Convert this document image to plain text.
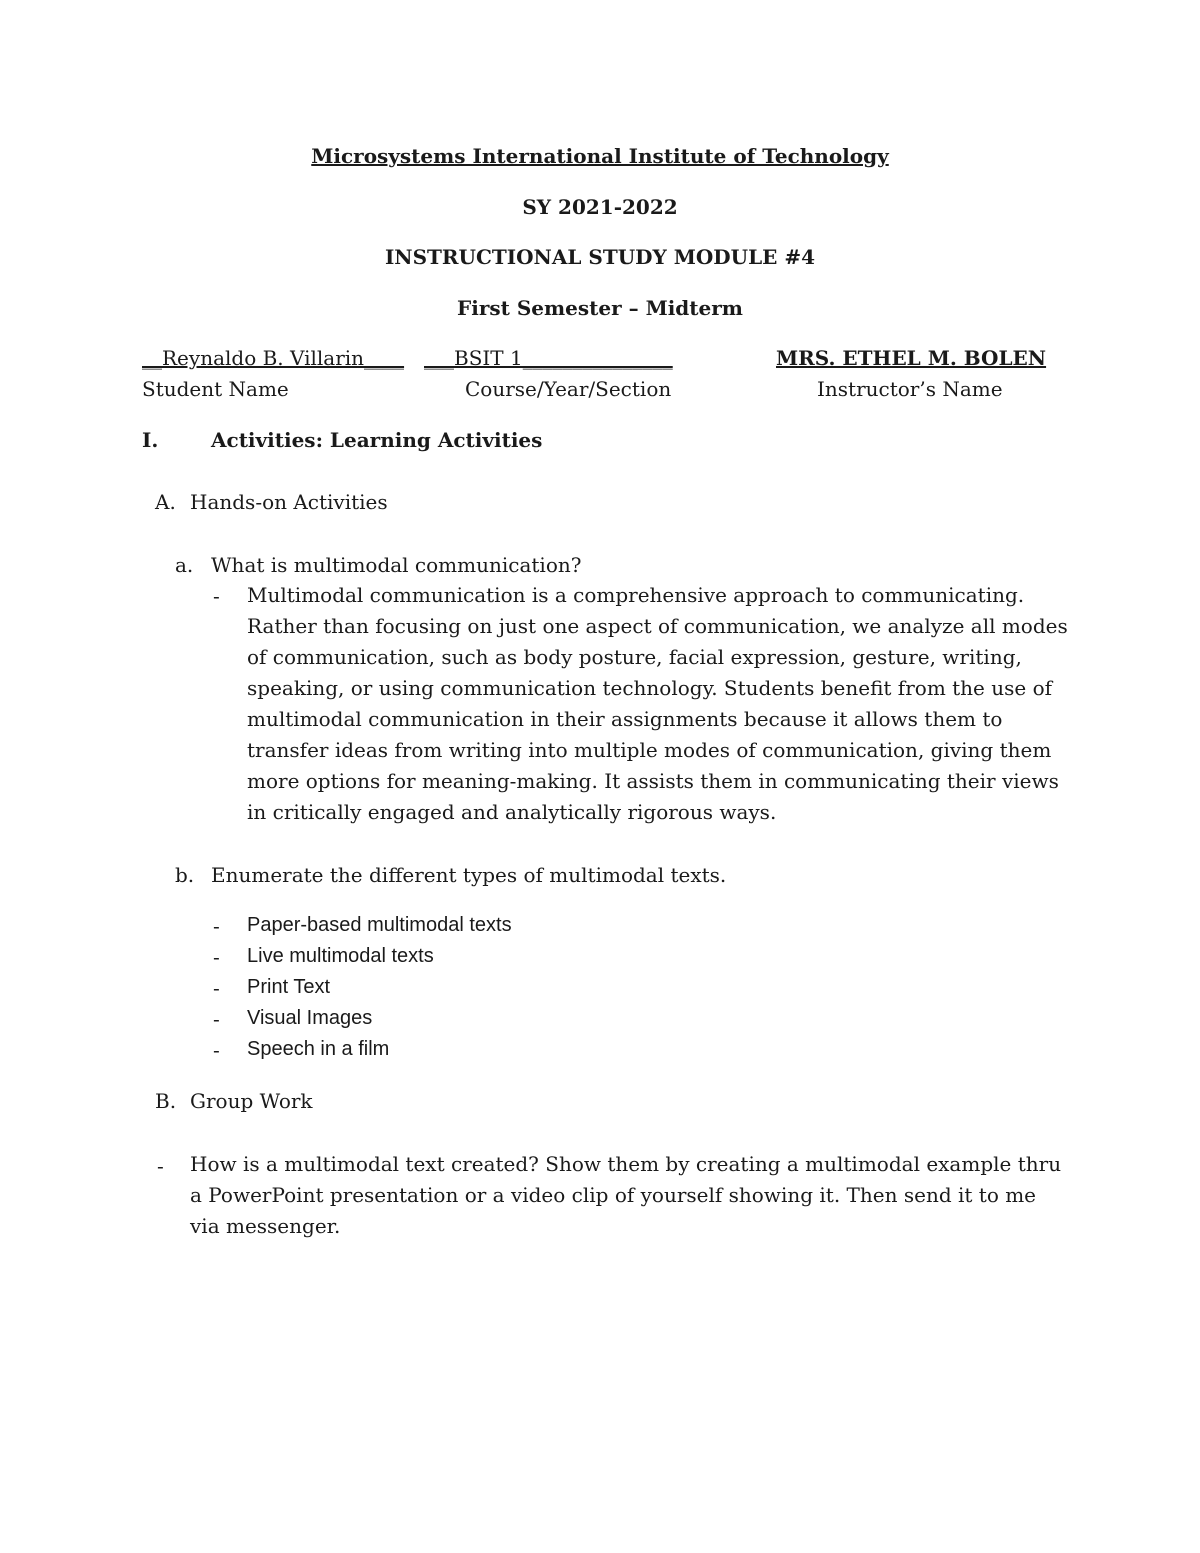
Microsystems International Institute of Technology
SY 2021-2022
INSTRUCTIONAL STUDY MODULE #4
First Semester – Midterm
__Reynaldo B. Villarin____ ___BSIT 1_______________	MRS. ETHEL M. BOLEN
Student Name	Course/Year/Section	Instructor’s Name
I.	Activities: Learning Activities
A. Hands-on Activities
a. What is multimodal communication?
- Multimodal communication is a comprehensive approach to communicating. Rather than focusing on just one aspect of communication, we analyze all modes of communication, such as body posture, facial expression, gesture, writing, speaking, or using communication technology. Students benefit from the use of multimodal communication in their assignments because it allows them to transfer ideas from writing into multiple modes of communication, giving them more options for meaning-making. It assists them in communicating their views in critically engaged and analytically rigorous ways.
b. Enumerate the different types of multimodal texts.
- Paper-based multimodal texts
- Live multimodal texts
- Print Text
- Visual Images
- Speech in a film
B. Group Work
- How is a multimodal text created? Show them by creating a multimodal example thru a PowerPoint presentation or a video clip of yourself showing it. Then send it to me via messenger.
